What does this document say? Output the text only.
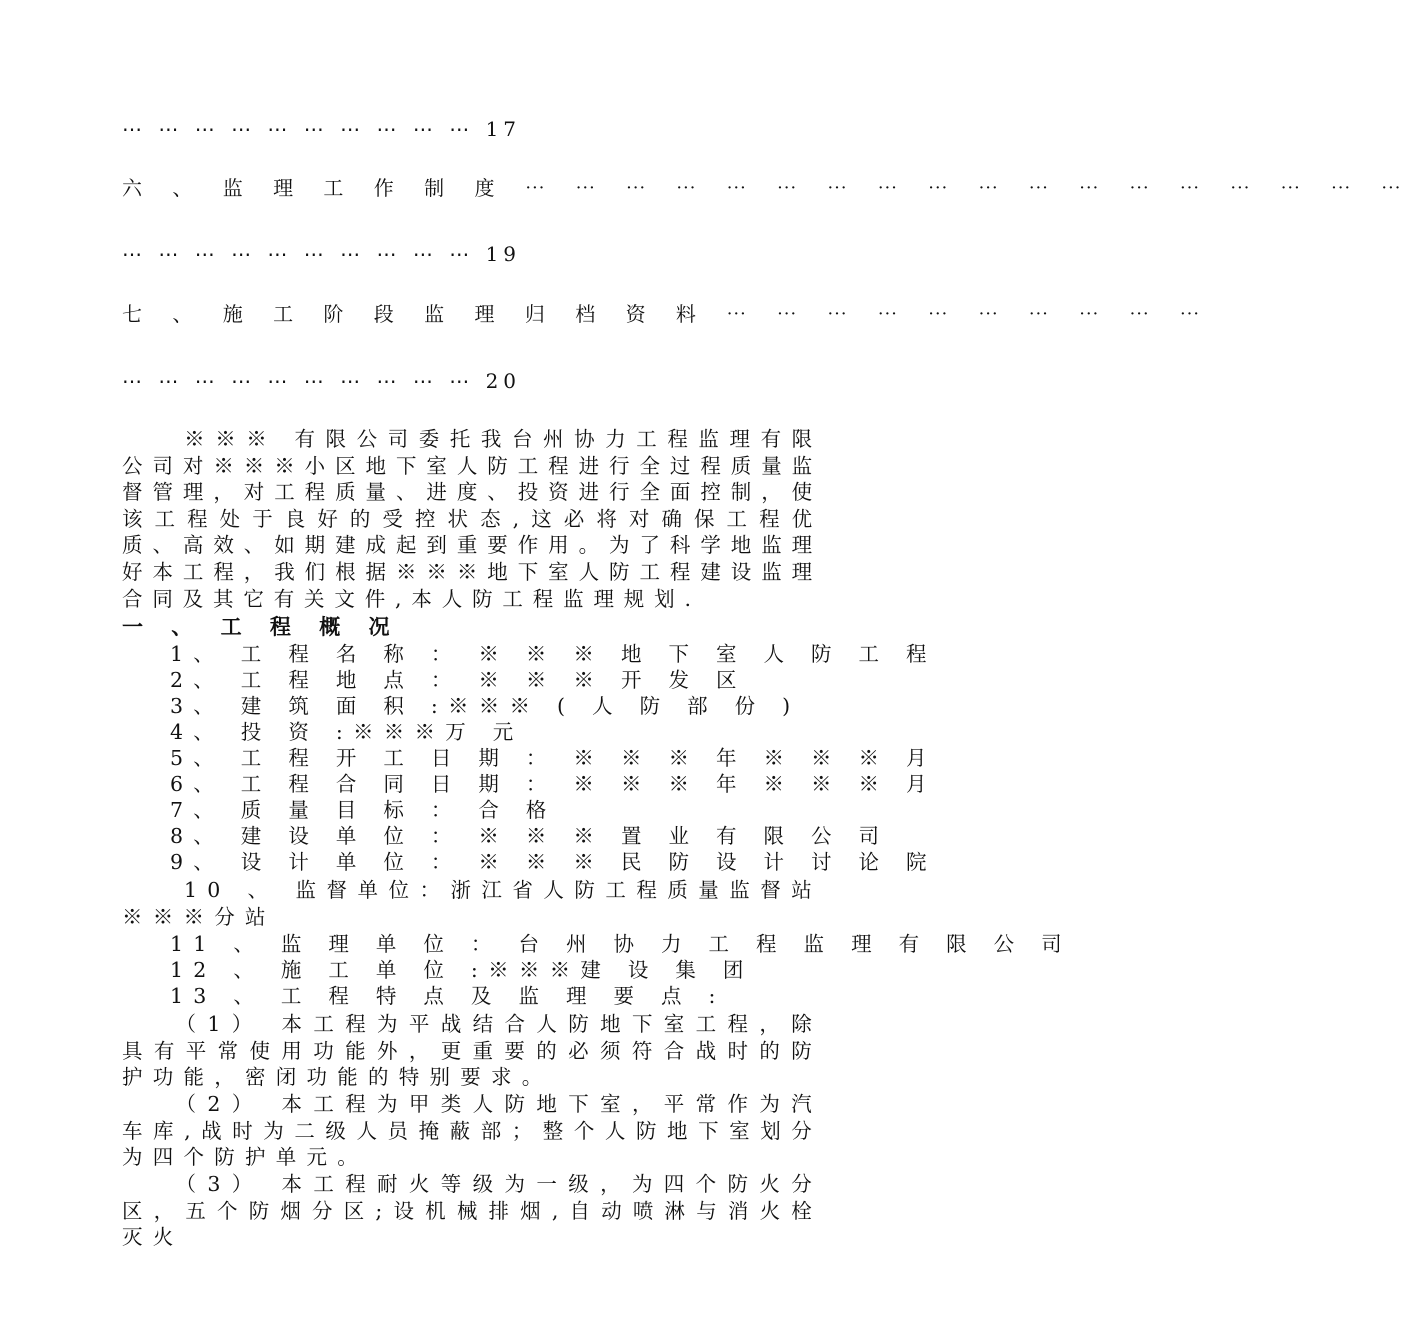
⋯ ⋯ ⋯ ⋯ ⋯ ⋯ ⋯ ⋯ ⋯ ⋯ 17
六 、 监 理 工 作 制 度 ⋯ ⋯ ⋯ ⋯ ⋯ ⋯ ⋯ ⋯ ⋯ ⋯ ⋯ ⋯ ⋯ ⋯ ⋯ ⋯ ⋯ ⋯
⋯ ⋯ ⋯ ⋯ ⋯ ⋯ ⋯ ⋯ ⋯ ⋯ 19
七 、 施 工 阶 段 监 理 归 档 资 料 ⋯ ⋯ ⋯ ⋯ ⋯ ⋯ ⋯ ⋯ ⋯ ⋯
⋯ ⋯ ⋯ ⋯ ⋯ ⋯ ⋯ ⋯ ⋯ ⋯ 20
　　※※※ 有限公司委托我台州协力工程监理有限公司对※※※小区地下室人防工程进行全过程质量监督管理，对工程质量、进度、投资进行全面控制，使该工程处于良好的受控状态,这必将对确保工程优质、高效、如期建成起到重要作用。为了科学地监理好本工程，我们根据※※※地下室人防工程建设监理合同及其它有关文件,本人防工程监理规划.
一 、 工 程 概 况
1、 工 程 名 称 ： ※ ※ ※ 地 下 室 人 防 工 程
2、 工 程 地 点 ： ※ ※ ※ 开 发 区
3、 建 筑 面 积 :※※※ ( 人 防 部 份 )
4、 投 资 :※※※万 元
5、 工 程 开 工 日 期 ： ※ ※ ※ 年 ※ ※ ※ 月
6、 工 程 合 同 日 期 ： ※ ※ ※ 年 ※ ※ ※ 月
7、 质 量 目 标 ： 合 格
8、 建 设 单 位 ： ※ ※ ※ 置 业 有 限 公 司
9、 设 计 单 位 ： ※ ※ ※ 民 防 设 计 讨 论 院
　　10 、 监督单位：浙江省人防工程质量监督站※※※分站
11 、 监 理 单 位 ： 台 州 协 力 工 程 监 理 有 限 公 司
12 、 施 工 单 位 :※※※建 设 集 团
13 、 工 程 特 点 及 监 理 要 点 :
　　（1） 本工程为平战结合人防地下室工程，除具有平常使用功能外，更重要的必须符合战时的防护功能，密闭功能的特别要求。
　　（2） 本工程为甲类人防地下室，平常作为汽车库,战时为二级人员掩蔽部；整个人防地下室划分为四个防护单元。
　　（3） 本工程耐火等级为一级，为四个防火分区，五个防烟分区;设机械排烟,自动喷淋与消火栓灭火
